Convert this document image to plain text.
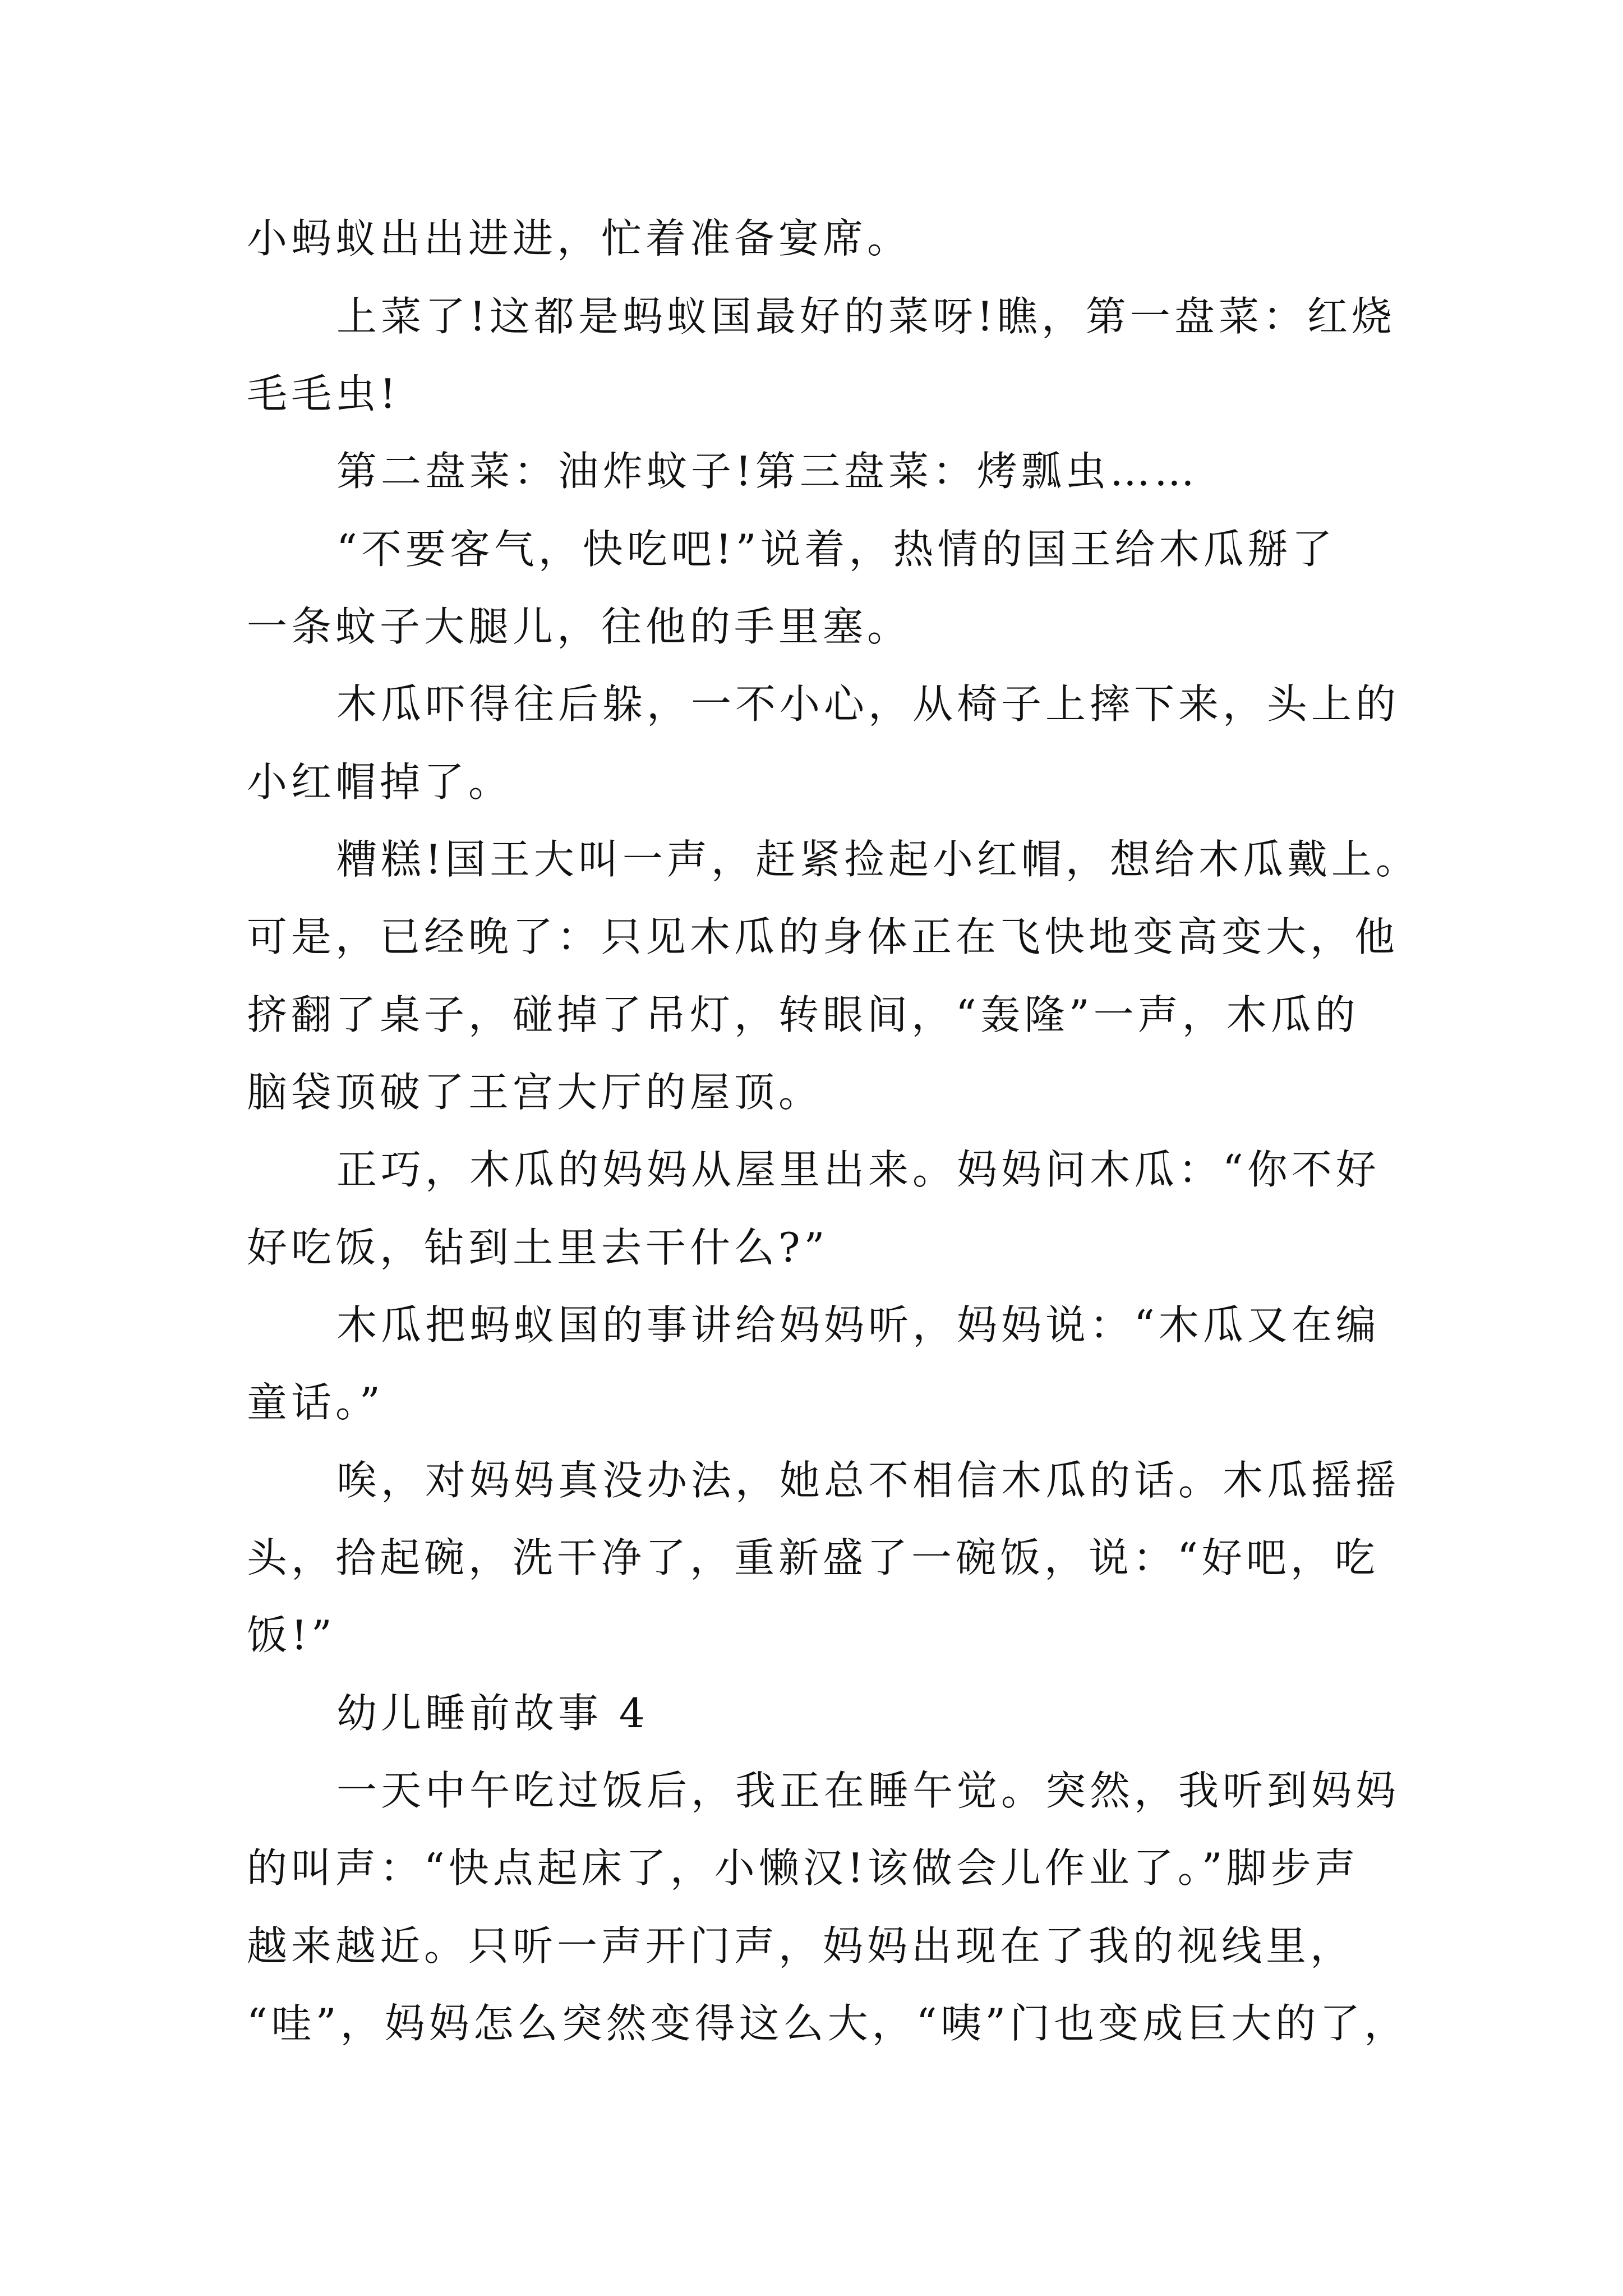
小蚂蚁出出进进，忙着准备宴席。
上菜了!这都是蚂蚁国最好的菜呀!瞧，第一盘菜：红烧
毛毛虫!
第二盘菜：油炸蚊子!第三盘菜：烤瓢虫……
“不要客气，快吃吧!”说着，热情的国王给木瓜掰了
一条蚊子大腿儿，往他的手里塞。
木瓜吓得往后躲，一不小心，从椅子上摔下来，头上的
小红帽掉了。
糟糕!国王大叫一声，赶紧捡起小红帽，想给木瓜戴上。
可是，已经晚了：只见木瓜的身体正在飞快地变高变大，他
挤翻了桌子，碰掉了吊灯，转眼间，“轰隆”一声，木瓜的
脑袋顶破了王宫大厅的屋顶。
正巧，木瓜的妈妈从屋里出来。妈妈问木瓜：“你不好
好吃饭，钻到土里去干什么?”
木瓜把蚂蚁国的事讲给妈妈听，妈妈说：“木瓜又在编
童话。”
唉，对妈妈真没办法，她总不相信木瓜的话。木瓜摇摇
头，拾起碗，洗干净了，重新盛了一碗饭，说：“好吧，吃
饭!”
幼儿睡前故事 4
一天中午吃过饭后，我正在睡午觉。突然，我听到妈妈
的叫声：“快点起床了，小懒汉!该做会儿作业了。”脚步声
越来越近。只听一声开门声，妈妈出现在了我的视线里，
“哇”，妈妈怎么突然变得这么大，“咦”门也变成巨大的了，
